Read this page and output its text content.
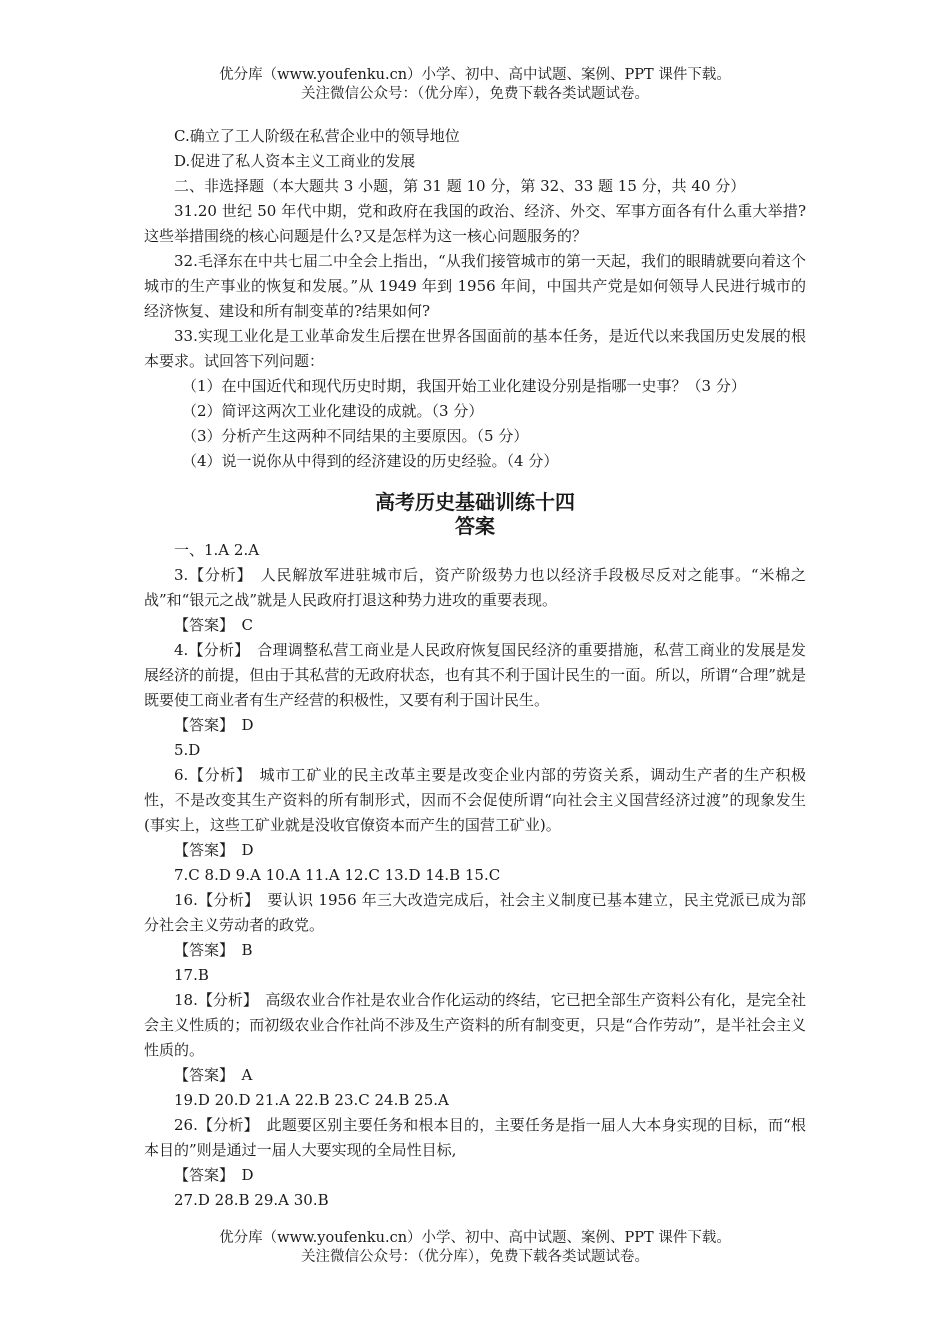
优分库（www.youfenku.cn）小学、初中、高中试题、案例、PPT 课件下载。
关注微信公众号：（优分库），免费下载各类试题试卷。

C.确立了工人阶级在私营企业中的领导地位

D.促进了私人资本主义工商业的发展

二、非选择题（本大题共 3 小题，第 31 题 10 分，第 32、33 题 15 分，共 40 分）

31.20 世纪 50 年代中期，党和政府在我国的政治、经济、外交、军事方面各有什么重大举措?这些举措围绕的核心问题是什么?又是怎样为这一核心问题服务的？

32.毛泽东在中共七届二中全会上指出，“从我们接管城市的第一天起，我们的眼睛就要向着这个城市的生产事业的恢复和发展。”从 1949 年到 1956 年间，中国共产党是如何领导人民进行城市的经济恢复、建设和所有制变革的?结果如何?

33.实现工业化是工业革命发生后摆在世界各国面前的基本任务，是近代以来我国历史发展的根本要求。试回答下列问题：

（1）在中国近代和现代历史时期，我国开始工业化建设分别是指哪一史事？（3 分）

（2）简评这两次工业化建设的成就。（3 分）

（3）分析产生这两种不同结果的主要原因。（5 分）

（4）说一说你从中得到的经济建设的历史经验。（4 分）

高考历史基础训练十四
答案

一、1.A 2.A

3.【分析】　人民解放军进驻城市后，资产阶级势力也以经济手段极尽反对之能事。“米棉之战”和“银元之战”就是人民政府打退这种势力进攻的重要表现。

【答案】　C

4.【分析】　合理调整私营工商业是人民政府恢复国民经济的重要措施，私营工商业的发展是发展经济的前提，但由于其私营的无政府状态，也有其不利于国计民生的一面。所以，所谓“合理”就是既要使工商业者有生产经营的积极性，又要有利于国计民生。

【答案】　D

5.D

6.【分析】　城市工矿业的民主改革主要是改变企业内部的劳资关系，调动生产者的生产积极性，不是改变其生产资料的所有制形式，因而不会促使所谓“向社会主义国营经济过渡”的现象发生(事实上，这些工矿业就是没收官僚资本而产生的国营工矿业)。

【答案】　D

7.C 8.D 9.A 10.A 11.A 12.C 13.D 14.B 15.C

16.【分析】　要认识 1956 年三大改造完成后，社会主义制度已基本建立，民主党派已成为部分社会主义劳动者的政党。

【答案】　B

17.B

18.【分析】　高级农业合作社是农业合作化运动的终结，它已把全部生产资料公有化，是完全社会主义性质的；而初级农业合作社尚不涉及生产资料的所有制变更，只是“合作劳动”，是半社会主义性质的。

【答案】　A

19.D 20.D 21.A 22.B 23.C 24.B 25.A

26.【分析】　此题要区别主要任务和根本目的，主要任务是指一届人大本身实现的目标，而“根本目的”则是通过一届人大要实现的全局性目标,

【答案】　D

27.D 28.B 29.A 30.B

优分库（www.youfenku.cn）小学、初中、高中试题、案例、PPT 课件下载。
关注微信公众号：（优分库），免费下载各类试题试卷。
